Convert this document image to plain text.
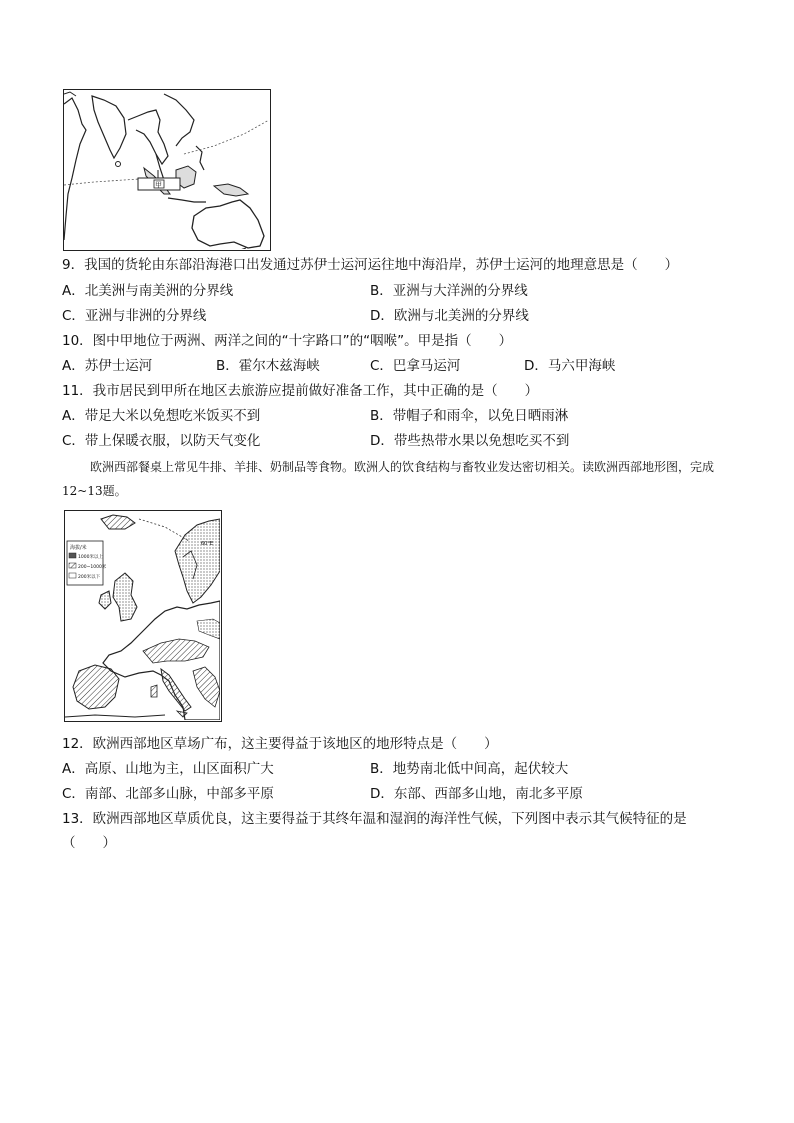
甲
9．我国的货轮由东部沿海港口出发通过苏伊士运河运往地中海沿岸，苏伊士运河的地理意思是（　　）
A．北美洲与南美洲的分界线	B．亚洲与大洋洲的分界线
C．亚洲与非洲的分界线	D．欧洲与北美洲的分界线
10．图中甲地位于两洲、两洋之间的“十字路口”的“咽喉”。甲是指（　　）
A．苏伊士运河	B．霍尔木兹海峡	C．巴拿马运河	D．马六甲海峡
11．我市居民到甲所在地区去旅游应提前做好准备工作，其中正确的是（　　）
A．带足大米以免想吃米饭买不到	B．带帽子和雨伞，以免日晒雨淋
C．带上保暖衣服，以防天气变化	D．带些热带水果以免想吃买不到
欧洲西部餐桌上常见牛排、羊排、奶制品等食物。欧洲人的饮食结构与畜牧业发达密切相关。读欧洲西部地形图，完成12~13题。
海拔/米
1000米以上
200~1000米
200米以下
60°E
12．欧洲西部地区草场广布，这主要得益于该地区的地形特点是（　　）
A．高原、山地为主，山区面积广大	B．地势南北低中间高，起伏较大
C．南部、北部多山脉，中部多平原	D．东部、西部多山地，南北多平原
13．欧洲西部地区草质优良，这主要得益于其终年温和湿润的海洋性气候，下列图中表示其气候特征的是
（　　）
